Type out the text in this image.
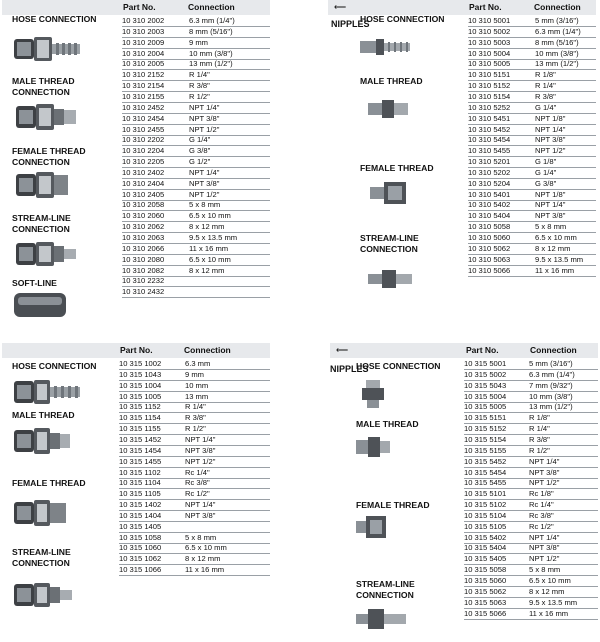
Part No.	Connection
HOSE CONNECTION	10 310 2002	6.3 mm (1/4")
10 310 2003	8 mm (5/16")
10 310 2009	9 mm
10 310 2004	10 mm (3/8")
10 310 2005	13 mm (1/2")
MALE THREAD
CONNECTION
10 310 2152	R 1/4"
10 310 2154	R 3/8"
10 310 2155	R 1/2"
10 310 2452	NPT 1/4"
10 310 2454	NPT 3/8"
10 310 2455	NPT 1/2"
FEMALE THREAD
CONNECTION
10 310 2202	G 1/4"
10 310 2204	G 3/8"
10 310 2205	G 1/2"
10 310 2402	NPT 1/4"
10 310 2404	NPT 3/8"
10 310 2405	NPT 1/2"
STREAM-LINE
CONNECTION
10 310 2058	5 x 8 mm
10 310 2060	6.5 x 10 mm
10 310 2062	8 x 12 mm
10 310 2063	9.5 x 13.5 mm
10 310 2066	11 x 16 mm
SOFT-LINE
10 310 2080	6.5 x 10 mm
10 310 2082	8 x 12 mm
10 310 2232
10 310 2432
⟵	Part No.	Connection
NIPPLES
HOSE CONNECTION	10 310 5001	5 mm (3/16")
10 310 5002	6.3 mm (1/4")
10 310 5003	8 mm (5/16")
10 310 5004	10 mm (3/8")
10 310 5005	13 mm (1/2")
MALE THREAD
10 310 5151	R 1/8"
10 310 5152	R 1/4"
10 310 5154	R 3/8"
10 310 5252	G 1/4"
10 310 5451	NPT 1/8"
10 310 5452	NPT 1/4"
10 310 5454	NPT 3/8"
10 310 5455	NPT 1/2"
FEMALE THREAD
10 310 5201	G 1/8"
10 310 5202	G 1/4"
10 310 5204	G 3/8"
10 310 5401	NPT 1/8"
10 310 5402	NPT 1/4"
10 310 5404	NPT 3/8"
STREAM-LINE
CONNECTION
10 310 5058	5 x 8 mm
10 310 5060	6.5 x 10 mm
10 310 5062	8 x 12 mm
10 310 5063	9.5 x 13.5 mm
10 310 5066	11 x 16 mm
Part No.	Connection
HOSE CONNECTION	10 315 1002	6.3 mm
10 315 1043	9 mm
10 315 1004	10 mm
10 315 1005	13 mm
MALE THREAD
10 315 1152	R 1/4"
10 315 1154	R 3/8"
10 315 1155	R 1/2"
10 315 1452	NPT 1/4"
10 315 1454	NPT 3/8"
10 315 1455	NPT 1/2"
FEMALE THREAD
10 315 1102	Rc 1/4"
10 315 1104	Rc 3/8"
10 315 1105	Rc 1/2"
10 315 1402	NPT 1/4"
10 315 1404	NPT 3/8"
10 315 1405
STREAM-LINE
CONNECTION
10 315 1058	5 x 8 mm
10 315 1060	6.5 x 10 mm
10 315 1062	8 x 12 mm
10 315 1066	11 x 16 mm
⟵	Part No.	Connection
NIPPLES
HOSE CONNECTION	10 315 5001	5 mm (3/16")
10 315 5002	6.3 mm (1/4")
10 315 5043	7 mm (9/32")
10 315 5004	10 mm (3/8")
10 315 5005	13 mm (1/2")
MALE THREAD
10 315 5151	R 1/8"
10 315 5152	R 1/4"
10 315 5154	R 3/8"
10 315 5155	R 1/2"
10 315 5452	NPT 1/4"
10 315 5454	NPT 3/8"
10 315 5455	NPT 1/2"
FEMALE THREAD
10 315 5101	Rc 1/8"
10 315 5102	Rc 1/4"
10 315 5104	Rc 3/8"
10 315 5105	Rc 1/2"
10 315 5402	NPT 1/4"
10 315 5404	NPT 3/8"
10 315 5405	NPT 1/2"
STREAM-LINE
CONNECTION
10 315 5058	5 x 8 mm
10 315 5060	6.5 x 10 mm
10 315 5062	8 x 12 mm
10 315 5063	9.5 x 13.5 mm
10 315 5066	11 x 16 mm
